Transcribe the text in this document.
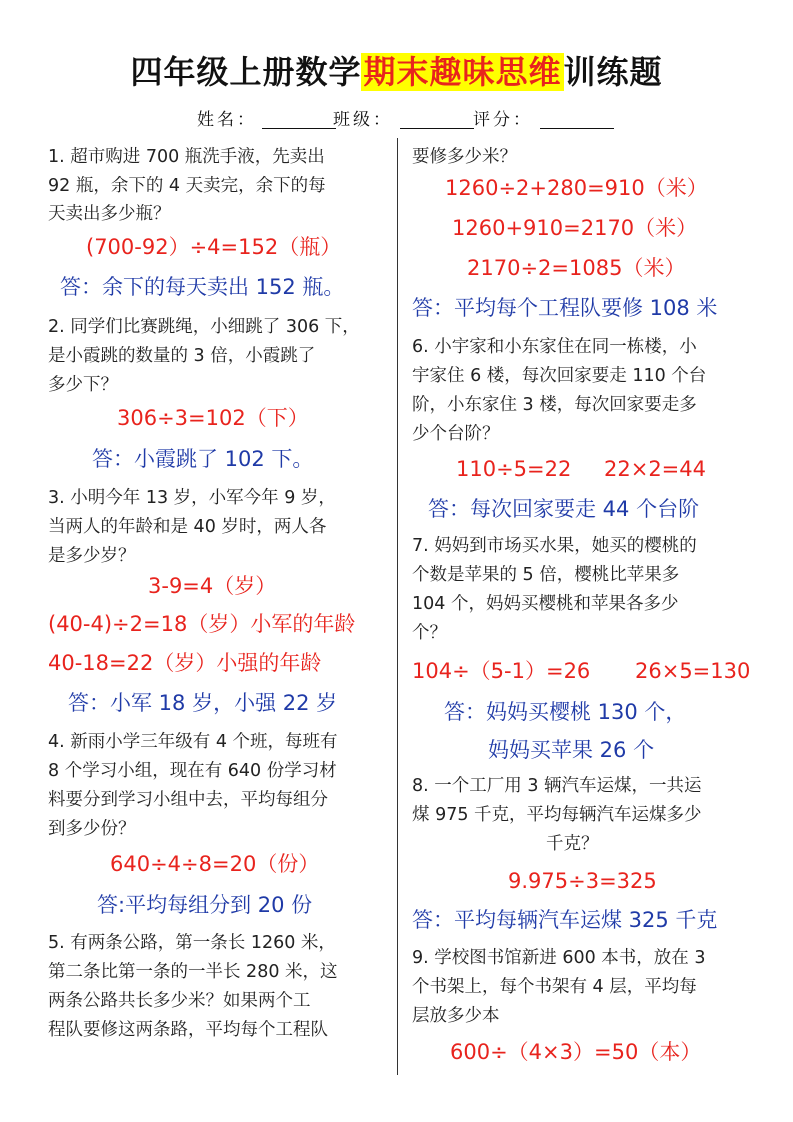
四年级上册数学期末趣味思维训练题
姓名：	班级：	评分：
1. 超市购进 700 瓶洗手液，先卖出
92 瓶，余下的 4 天卖完，余下的每
天卖出多少瓶？
(700-92）÷4=152（瓶）
答：余下的每天卖出 152 瓶。
2. 同学们比赛跳绳，小细跳了 306 下，
是小霞跳的数量的 3 倍，小霞跳了
多少下？
306÷3=102（下）
答：小霞跳了 102 下。
3. 小明今年 13 岁，小军今年 9 岁，
当两人的年龄和是 40 岁时，两人各
是多少岁？
3-9=4（岁）
(40-4)÷2=18（岁）小军的年龄
40-18=22（岁）小强的年龄
答：小军 18 岁，小强 22 岁
4. 新雨小学三年级有 4 个班，每班有
8 个学习小组，现在有 640 份学习材
料要分到学习小组中去，平均每组分
到多少份？
640÷4÷8=20（份）
答:平均每组分到 20 份
5. 有两条公路，第一条长 1260 米，
第二条比第一条的一半长 280 米，这
两条公路共长多少米？如果两个工
程队要修这两条路，平均每个工程队
要修多少米？
1260÷2+280=910（米）
1260+910=2170（米）
2170÷2=1085（米）
答：平均每个工程队要修 108 米
6. 小宇家和小东家住在同一栋楼，小
宇家住 6 楼，每次回家要走 110 个台
阶，小东家住 3 楼，每次回家要走多
少个台阶？
110÷5=22 22×2=44
答：每次回家要走 44 个台阶
7. 妈妈到市场买水果，她买的樱桃的
个数是苹果的 5 倍，樱桃比苹果多
104 个，妈妈买樱桃和苹果各多少
个？
104÷（5-1）=26 26×5=130
答：妈妈买樱桃 130 个，
妈妈买苹果 26 个
8. 一个工厂用 3 辆汽车运煤，一共运
煤 975 千克，平均每辆汽车运煤多少
千克？
9.975÷3=325
答：平均每辆汽车运煤 325 千克
9. 学校图书馆新进 600 本书，放在 3
个书架上，每个书架有 4 层，平均每
层放多少本
600÷（4×3）=50（本）
